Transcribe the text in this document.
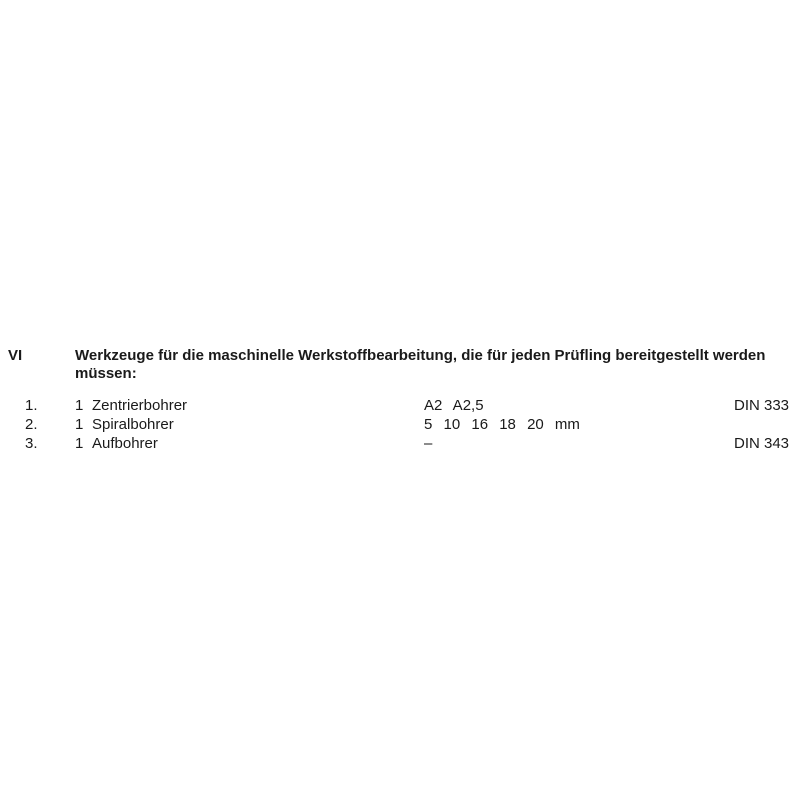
VI	Werkzeuge für die maschinelle Werkstoffbearbeitung, die für jeden Prüfling bereitgestellt werden müssen:

1. 1 Zentrierbohrer	A2 A2,5	DIN 333
2. 1 Spiralbohrer	5 10 16 18 20 mm
3. 1 Aufbohrer	–	DIN 343
